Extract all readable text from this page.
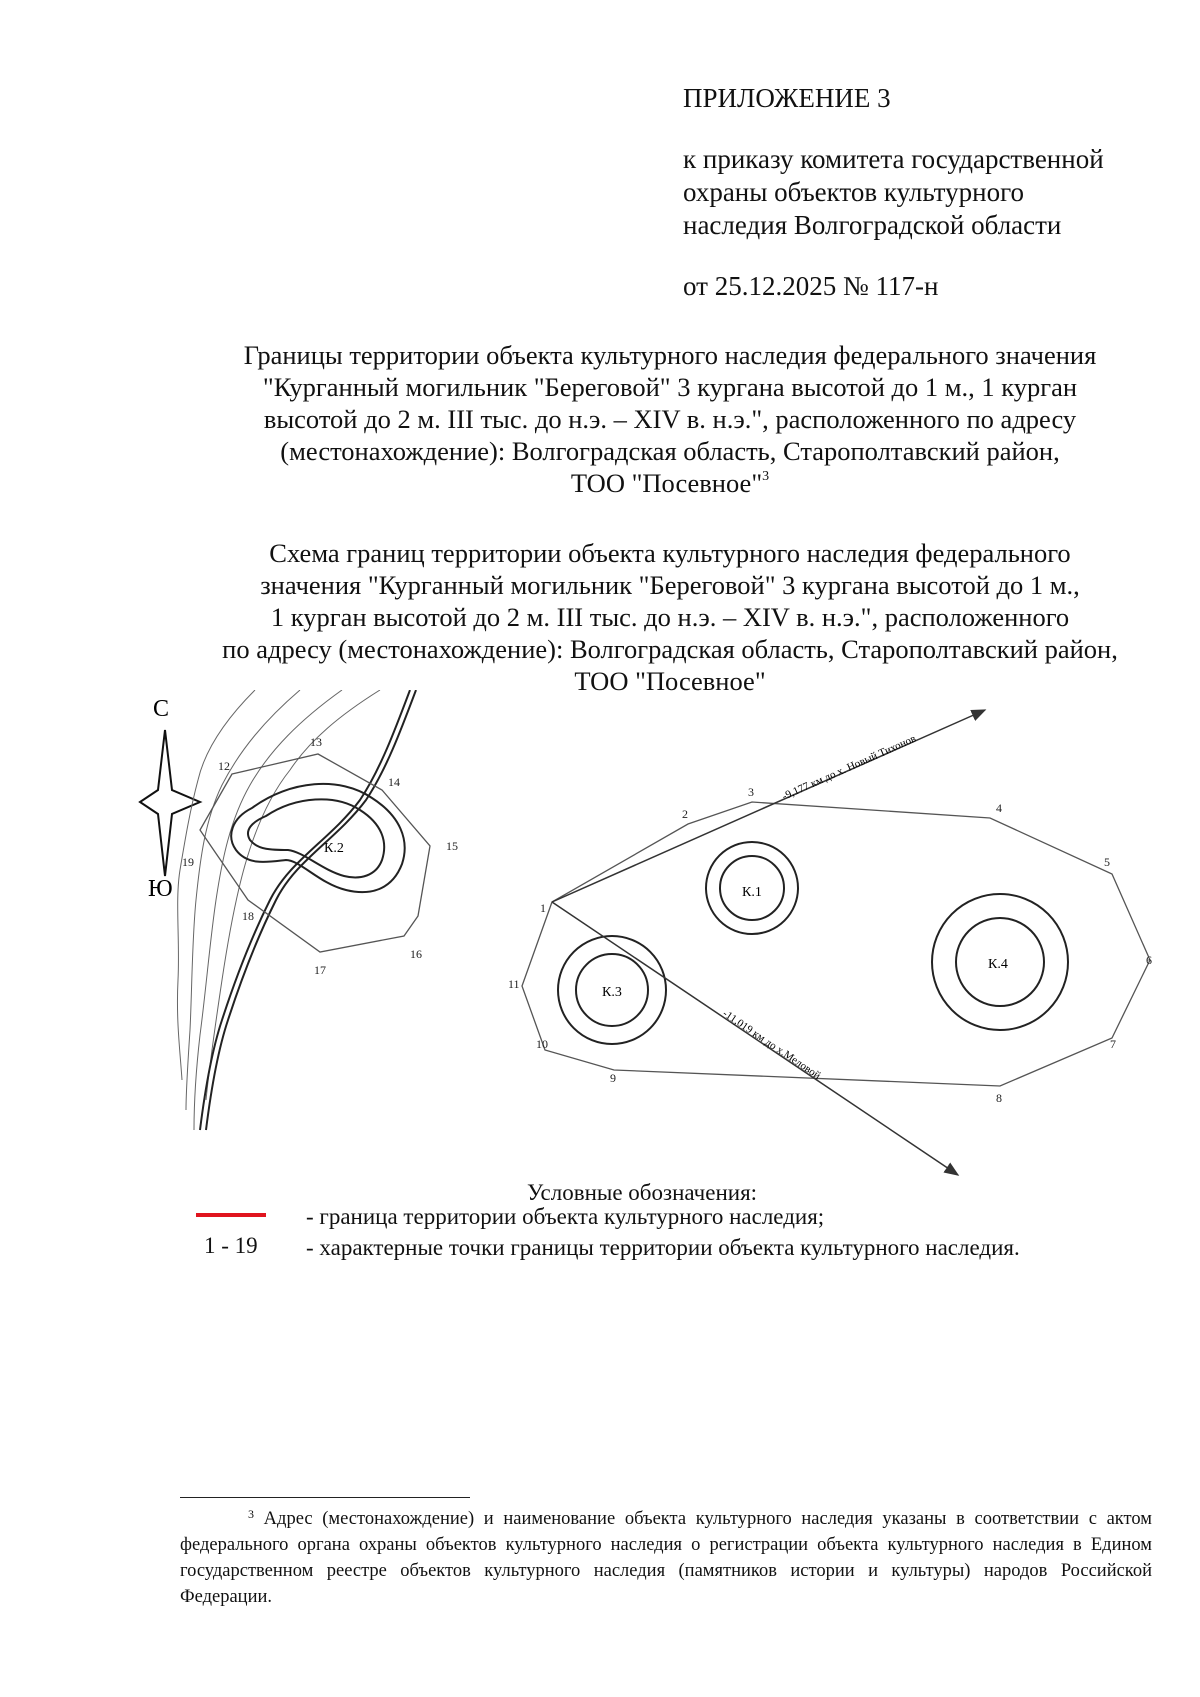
ПРИЛОЖЕНИЕ 3
к приказу комитета государственной
охраны объектов культурного
наследия Волгоградской области
от 25.12.2025 № 117-н
Границы территории объекта культурного наследия федерального значения
"Курганный могильник "Береговой" 3 кургана высотой до 1 м., 1 курган
высотой до 2 м. III тыс. до н.э. – XIV в. н.э.", расположенного по адресу
(местонахождение): Волгоградская область, Старополтавский район,
ТОО "Посевное"$^3$
Схема границ территории объекта культурного наследия федерального
значения "Курганный могильник "Береговой" 3 кургана высотой до 1 м.,
1 курган высотой до 2 м. III тыс. до н.э. – XIV в. н.э.", расположенного
по адресу (местонахождение): Волгоградская область, Старополтавский район,
ТОО "Посевное"
С
Ю
К.2
12
13
14
15
16
17
18
19
К.1
К.3
К.4
-9,177 км до х. Новый Тихонов
-11,019 км до х.Меловой
1
2
3
4
5
6
7
8
9
10
11
Условные обозначения:
- граница территории объекта культурного наследия;
1 - 19 - характерные точки границы территории объекта культурного наследия.
$^3$ Адрес (местонахождение) и наименование объекта культурного наследия указаны в соответствии с актом федерального органа охраны объектов культурного наследия о регистрации объекта культурного наследия в Едином государственном реестре объектов культурного наследия (памятников истории и культуры) народов Российской Федерации.
